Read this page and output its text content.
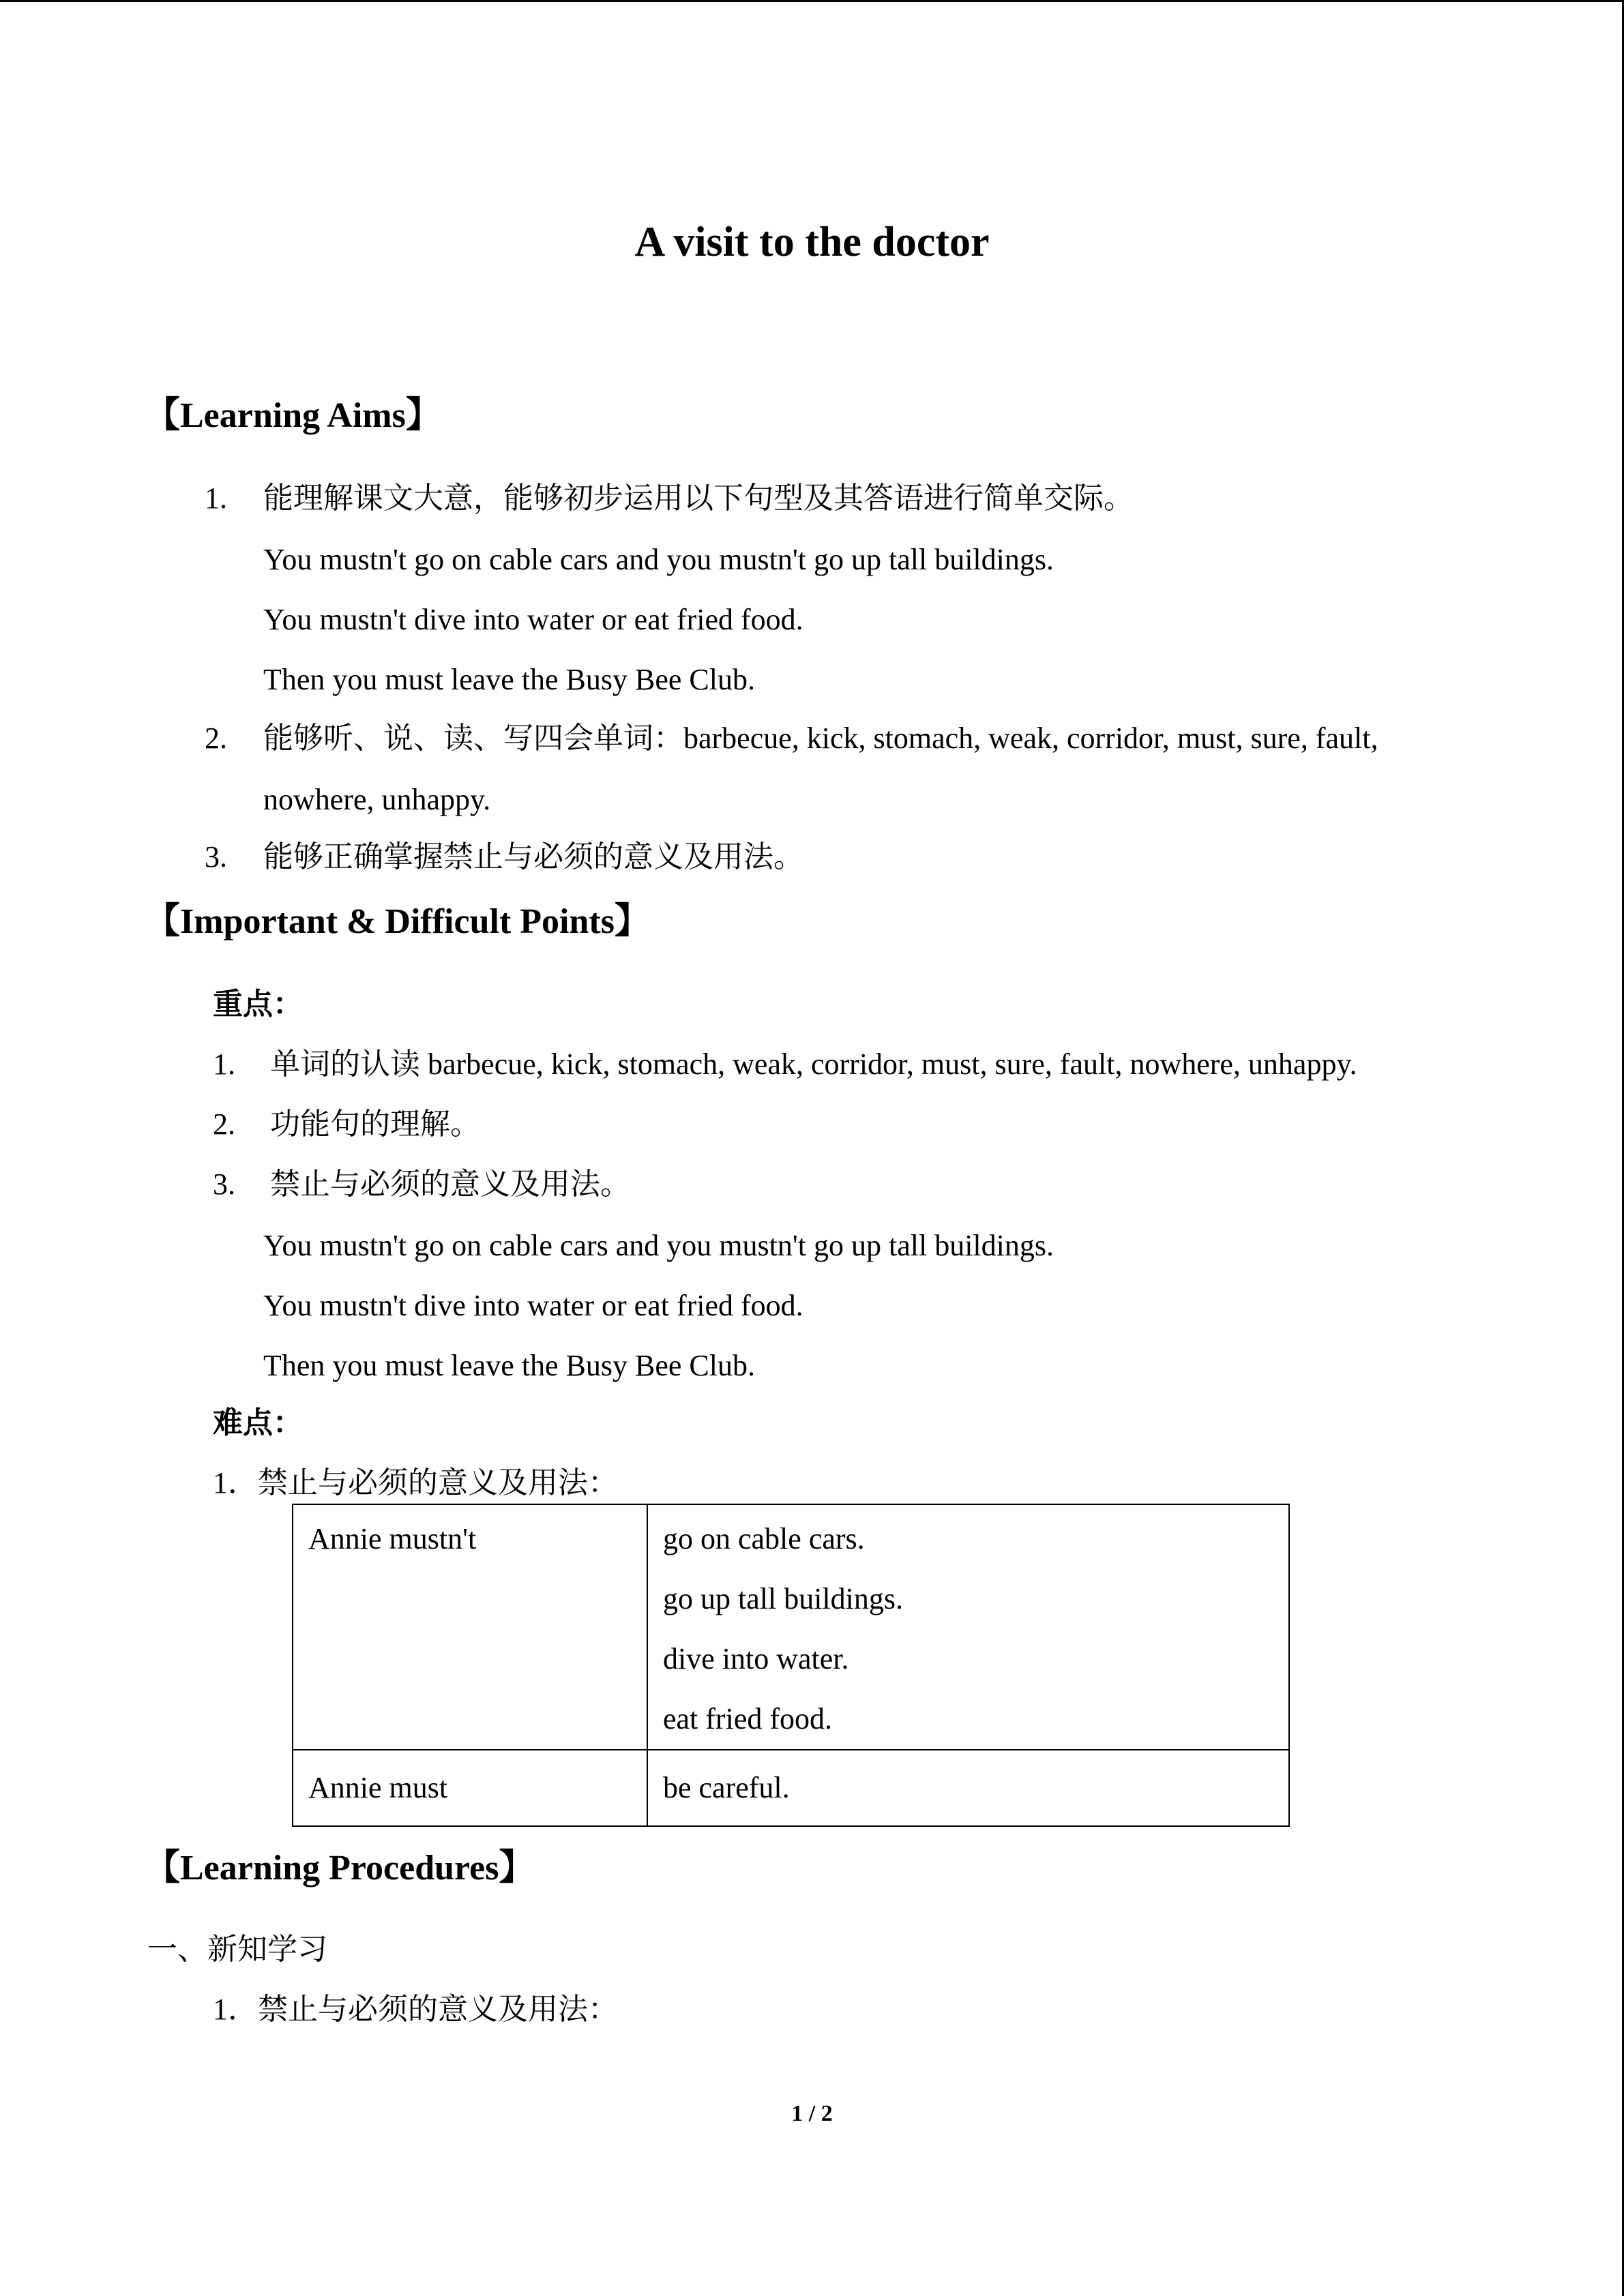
A visit to the doctor
【Learning Aims】
1. 能理解课文大意，能够初步运用以下句型及其答语进行简单交际。
You mustn't go on cable cars and you mustn't go up tall buildings.
You mustn't dive into water or eat fried food.
Then you must leave the Busy Bee Club.
2. 能够听、说、读、写四会单词：barbecue, kick, stomach, weak, corridor, must, sure, fault,
nowhere, unhappy.
3. 能够正确掌握禁止与必须的意义及用法。
【Important & Difficult Points】
重点：
1. 单词的认读 barbecue, kick, stomach, weak, corridor, must, sure, fault, nowhere, unhappy.
2. 功能句的理解。
3. 禁止与必须的意义及用法。
You mustn't go on cable cars and you mustn't go up tall buildings.
You mustn't dive into water or eat fried food.
Then you must leave the Busy Bee Club.
难点：
1．禁止与必须的意义及用法：
Annie mustn't	go on cable cars.
go up tall buildings.
dive into water.
eat fried food.

Annie must	be careful.
【Learning Procedures】
一、新知学习
1．禁止与必须的意义及用法：
1 / 2
